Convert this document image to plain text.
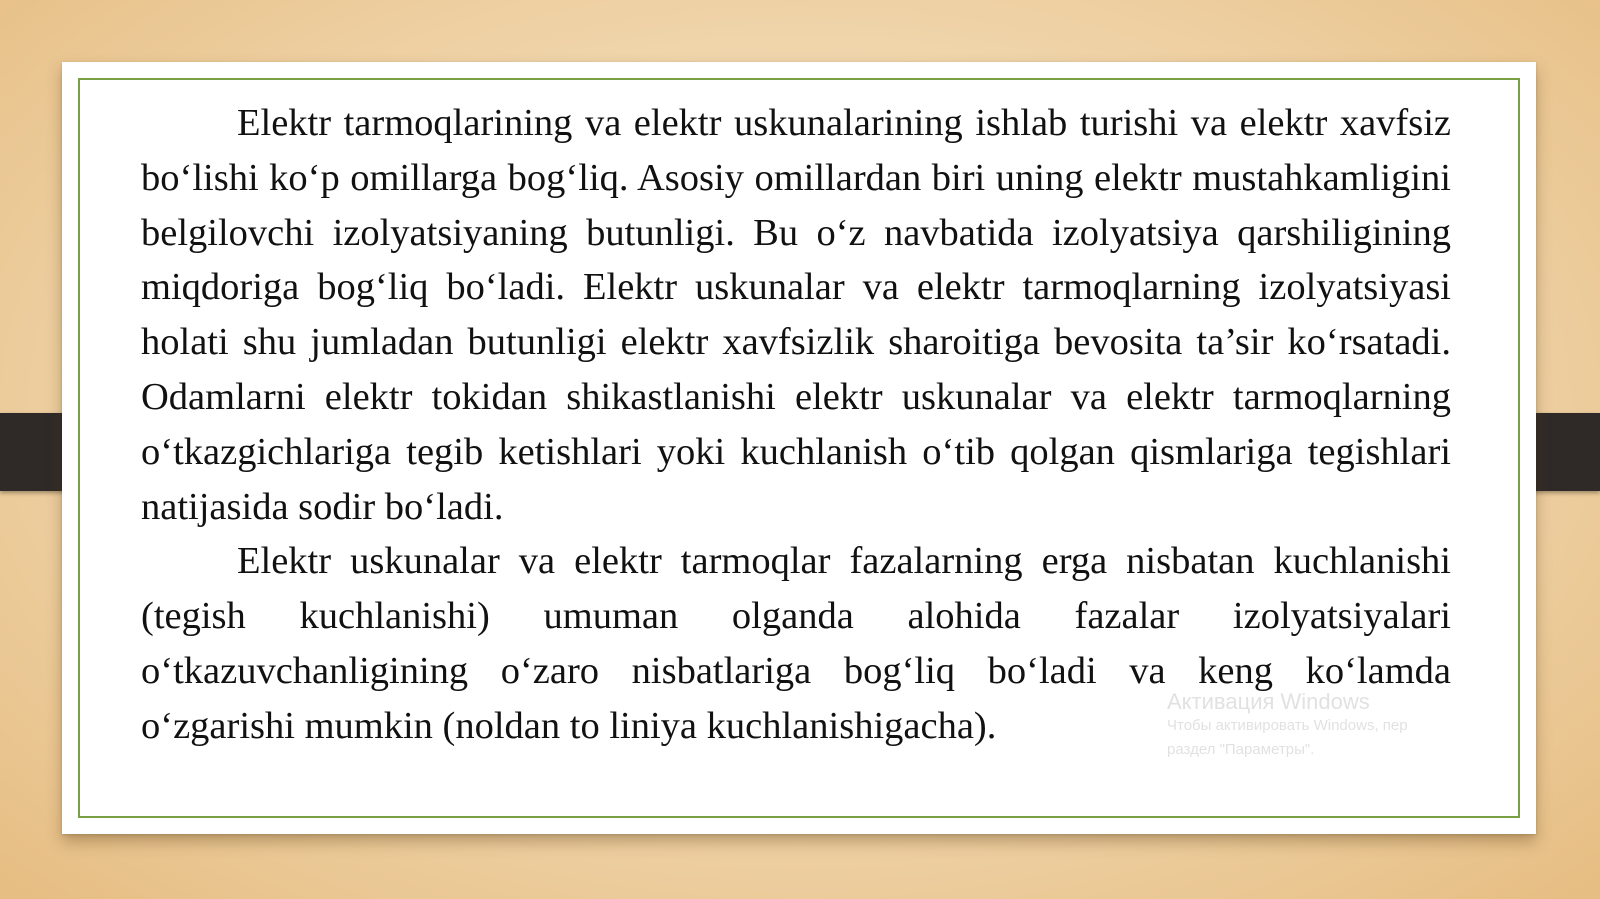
Elektr tarmoqlarining va elektr uskunalarining ishlab turishi va elektr xavfsiz bo‘lishi ko‘p omillarga bog‘liq. Asosiy omillardan biri uning elektr mustahkamligini belgilovchi izolyatsiyaning butunligi. Bu o‘z navbatida izolyatsiya qarshiligining miqdoriga bog‘liq bo‘ladi. Elektr uskunalar va elektr tarmoqlarning izolyatsiyasi holati shu jumladan butunligi elektr xavfsizlik sharoitiga bevosita ta’sir ko‘rsatadi. Odamlarni elektr tokidan shikastlanishi elektr uskunalar va elektr tarmoqlarning o‘tkazgichlariga tegib ketishlari yoki kuchlanish o‘tib qolgan qismlariga tegishlari natijasida sodir bo‘ladi.

Elektr uskunalar va elektr tarmoqlar fazalarning erga nisbatan kuchlanishi (tegish kuchlanishi) umuman olganda alohida fazalar izolyatsiyalari o‘tkazuvchanligining o‘zaro nisbatlariga bog‘liq bo‘ladi va keng ko‘lamda o‘zgarishi mumkin (noldan to liniya kuchlanishigacha).

Активация Windows
Чтобы активировать Windows, пер
раздел "Параметры".
